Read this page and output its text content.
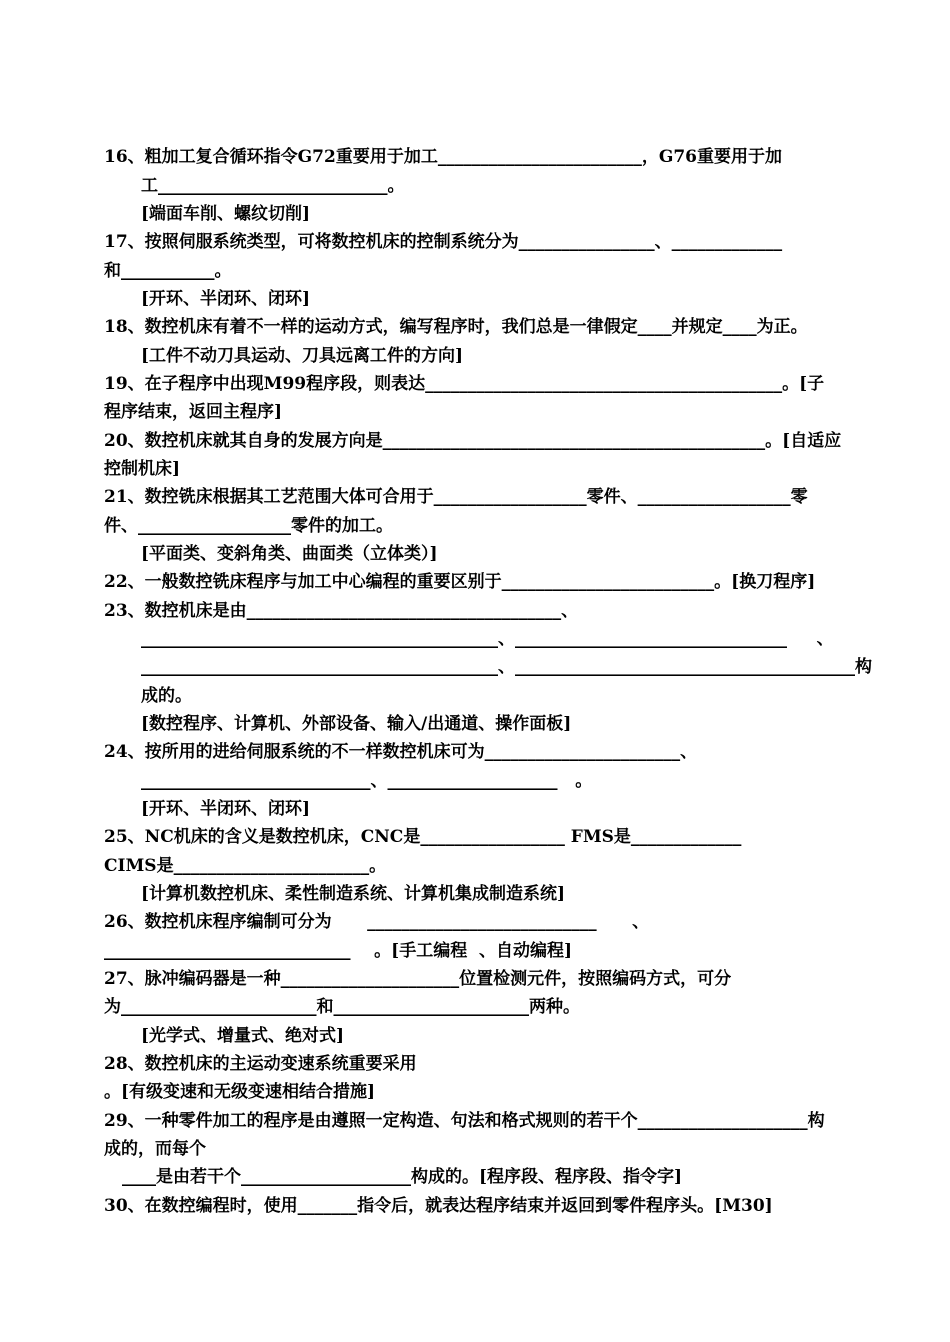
16、粗加工复合循环指令G72重要用于加工________________________，G76重要用于加
工___________________________。
[端面车削、螺纹切削]
17、按照伺服系统类型，可将数控机床的控制系统分为________________、_____________
和___________。
[开环、半闭环、闭环]
18、数控机床有着不一样的运动方式，编写程序时，我们总是一律假定____并规定____为正。
[工件不动刀具运动、刀具远离工件的方向]
19、在子程序中出现M99程序段，则表达__________________________________________。[子
程序结束，返回主程序]
20、数控机床就其自身的发展方向是_____________________________________________。[自适应
控制机床]
21、数控铣床根据其工艺范围大体可合用于__________________零件、__________________零
件、__________________零件的加工。
[平面类、变斜角类、曲面类（立体类）]
22、一般数控铣床程序与加工中心编程的重要区别于_________________________。[换刀程序]
23、数控机床是由_____________________________________、
__________________________________________、________________________________     、
__________________________________________、________________________________________构
成的。
[数控程序、计算机、外部设备、输入/出通道、操作面板]
24、按所用的进给伺服系统的不一样数控机床可为_______________________、
___________________________、____________________   。
[开环、半闭环、闭环]
25、NC机床的含义是数控机床，CNC是_________________ FMS是_____________
CIMS是_______________________。
[计算机数控机床、柔性制造系统、计算机集成制造系统]
26、数控机床程序编制可分为      ___________________________      、
_____________________________    。[手工编程  、自动编程]
27、脉冲编码器是一种_____________________位置检测元件，按照编码方式，可分
为_______________________和_______________________两种。
[光学式、增量式、绝对式]
28、数控机床的主运动变速系统重要采用
。[有级变速和无级变速相结合措施]
29、一种零件加工的程序是由遵照一定构造、句法和格式规则的若干个____________________构
成的，而每个
____是由若干个____________________构成的。[程序段、程序段、指令字]
30、在数控编程时，使用_______指令后，就表达程序结束并返回到零件程序头。[M30]
